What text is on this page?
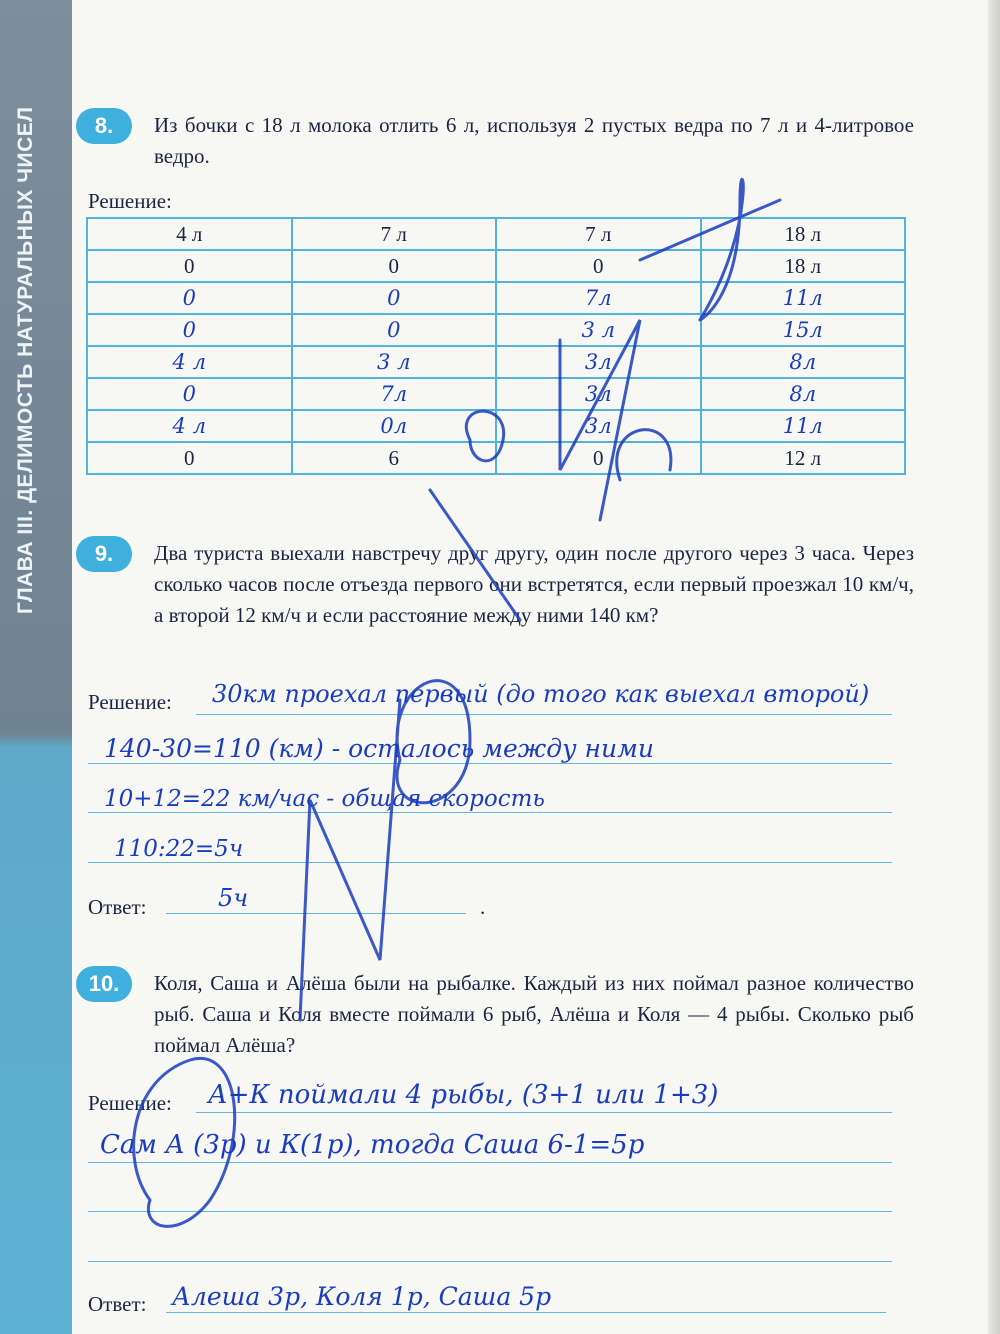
ГЛАВА III. ДЕЛИМОСТЬ НАТУРАЛЬНЫХ ЧИСЕЛ	8.	Из бочки с 18 л молока отлить 6 л, используя 2 пустых ведра по 7 л и 4-литровое ведро.
Решение:
4 л	7 л	7 л	18 л
0	0	0	18 л
0	0	7л	11л
0	0	3 л	15л
4 л	3 л	3л	8л
0	7л	3л	8л
4 л	0л	3л	11л
0	6	0	12 л
9.	Два туриста выехали навстречу друг другу, один после другого через 3 часа. Через сколько часов после отъезда первого они встретятся, если первый проезжал 10 км/ч, а второй 12 км/ч и если расстояние между ними 140 км?
Решение: 30км проехал первый (до того как выехал второй)
140-30=110 (км) - осталось между ними
10+12=22 км/час - общая скорость
110:22=5ч
Ответ:	5ч	.
10.	Коля, Саша и Алёша были на рыбалке. Каждый из них поймал разное количество рыб. Саша и Коля вместе поймали 6 рыб, Алёша и Коля — 4 рыбы. Сколько рыб поймал Алёша?
Решение: А+К поймали 4 рыбы, (3+1 или 1+3)
Сам А (3р) и К(1р), тогда Саша 6-1=5р
Ответ: Алеша 3р, Коля 1р, Саша 5р
